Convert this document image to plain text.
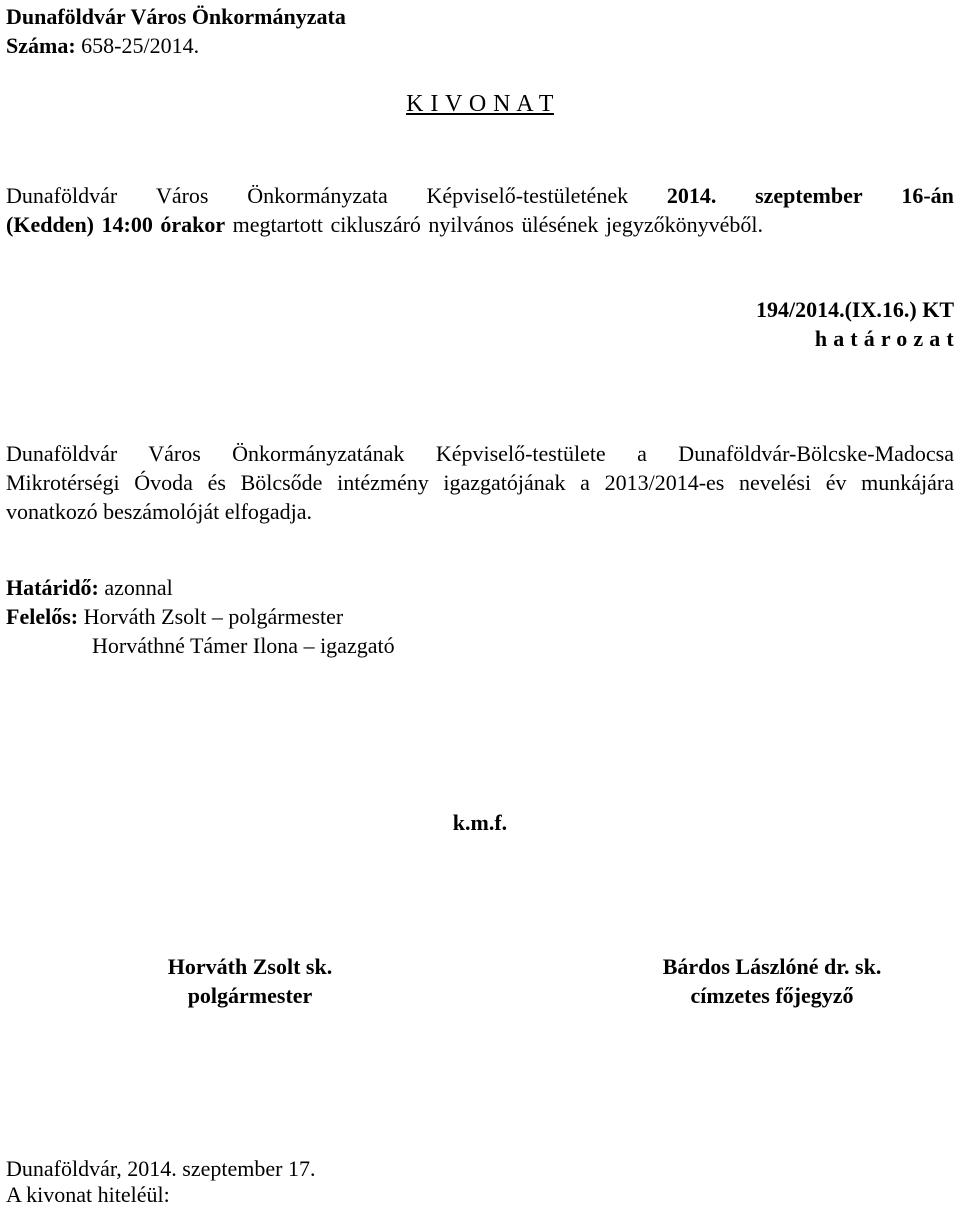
Dunaföldvár Város Önkormányzata
Száma: 658-25/2014.
K I V O N A T
Dunaföldvár Város Önkormányzata Képviselő-testületének 2014. szeptember 16-án
(Kedden) 14:00 órakor megtartott cikluszáró nyilvános ülésének jegyzőkönyvéből.
194/2014.(IX.16.) KT
h a t á r o z a t
Dunaföldvár Város Önkormányzatának Képviselő-testülete a Dunaföldvár-Bölcske-Madocsa
Mikrotérségi Óvoda és Bölcsőde intézmény igazgatójának a 2013/2014-es nevelési év munkájára
vonatkozó beszámolóját elfogadja.
Határidő: azonnal
Felelős: Horváth Zsolt – polgármester
Horváthné Támer Ilona – igazgató
k.m.f.
Horváth Zsolt sk.
polgármester
Bárdos Lászlóné dr. sk.
címzetes főjegyző
Dunaföldvár, 2014. szeptember 17.
A kivonat hiteléül:
